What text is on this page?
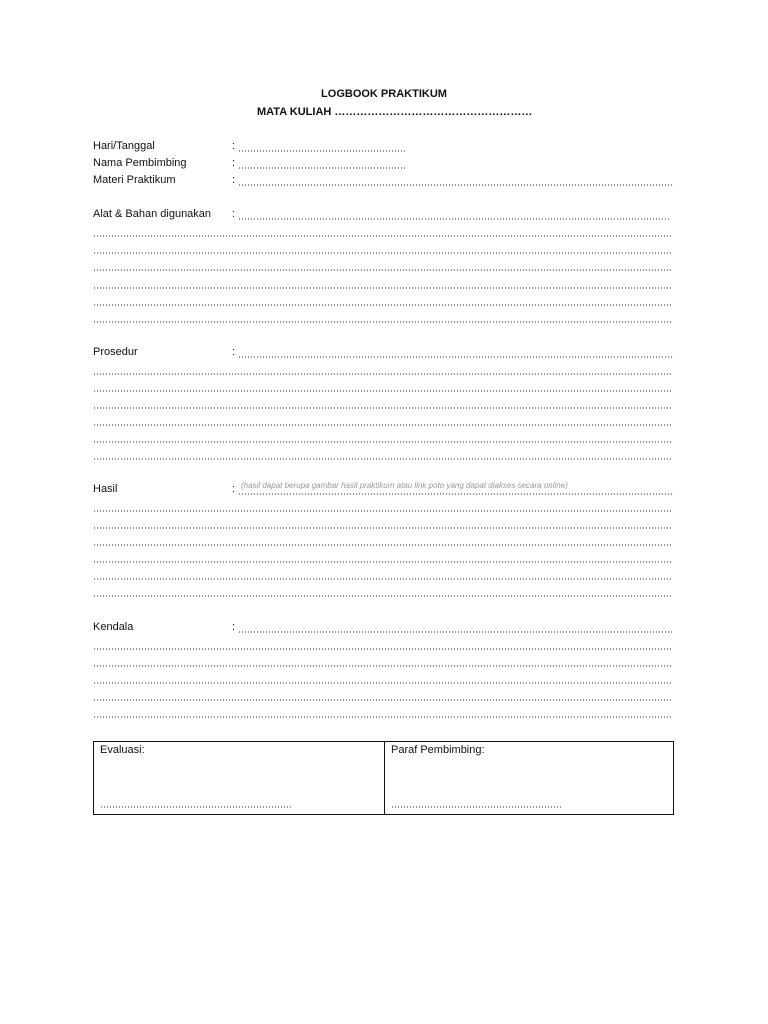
LOGBOOK PRAKTIKUM
MATA KULIAH ………………………………………………
Hari/Tanggal	:
Nama Pembimbing	:
Materi Praktikum	:
Alat & Bahan digunakan :
Prosedur	:
Hasil	: (hasil dapat berupa gambar hasil praktikum atau link poto yang dapat diakses secara online)
Kendala	:
Evaluasi:	Paraf Pembimbing:
